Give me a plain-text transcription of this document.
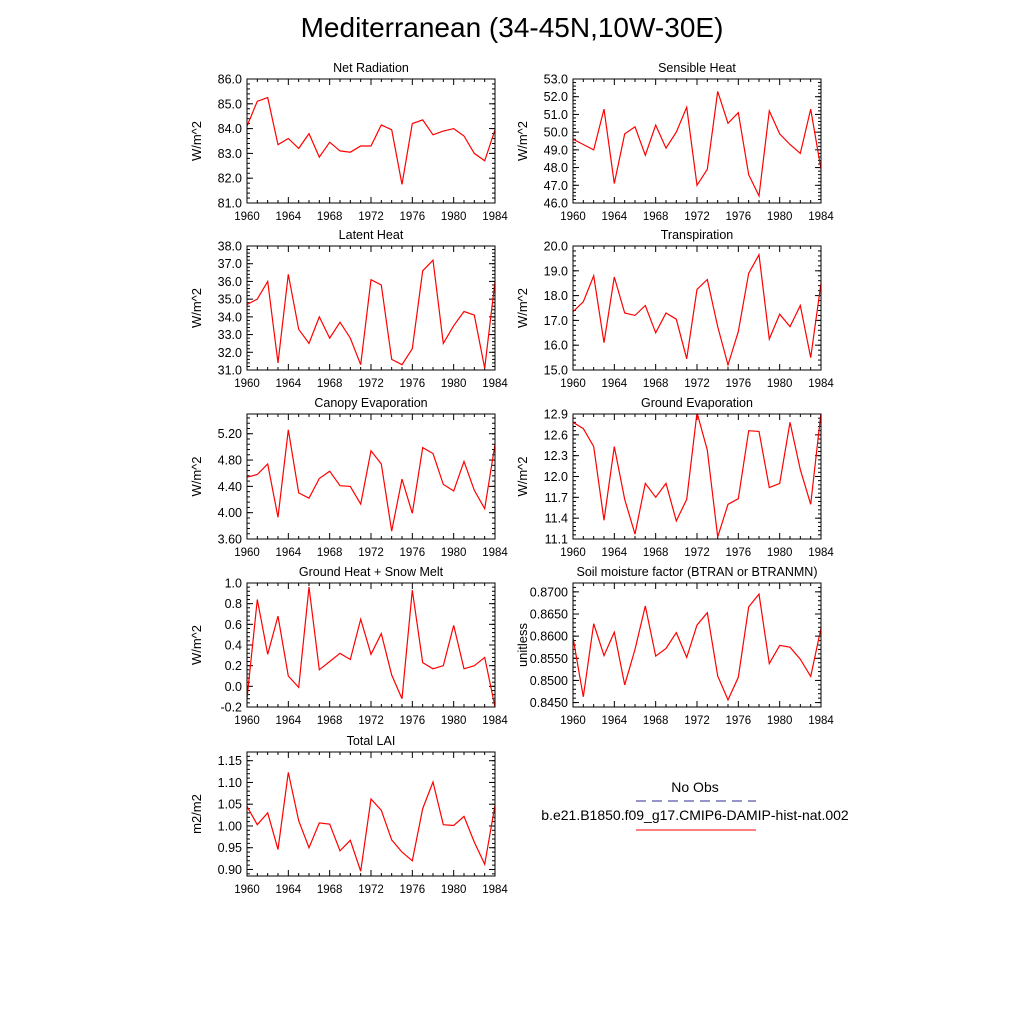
Mediterranean (34-45N,10W-30E)
81.0
82.0
83.0
84.0
85.0
86.0
1960 1964 1968 1972 1976 1980 1984
Net Radiation
W/m^2
46.0
47.0
48.0
49.0
50.0
51.0
52.0
53.0
1960 1964 1968 1972 1976 1980 1984
Sensible Heat
W/m^2
31.0
32.0
33.0
34.0
35.0
36.0
37.0
38.0
1960 1964 1968 1972 1976 1980 1984
Latent Heat
W/m^2
15.0
16.0
17.0
18.0
19.0
20.0
1960 1964 1968 1972 1976 1980 1984
Transpiration
W/m^2
3.60
4.00
4.40
4.80
5.20
1960 1964 1968 1972 1976 1980 1984
Canopy Evaporation
W/m^2
11.1
11.4
11.7
12.0
12.3
12.6
12.9
1960 1964 1968 1972 1976 1980 1984
Ground Evaporation
W/m^2
-0.2
0.0
0.2
0.4
0.6
0.8
1.0
1960 1964 1968 1972 1976 1980 1984
Ground Heat + Snow Melt
W/m^2
0.8450
0.8500
0.8550
0.8600
0.8650
0.8700
1960 1964 1968 1972 1976 1980 1984
Soil moisture factor (BTRAN or BTRANMN)
unitless
0.90
0.95
1.00
1.05
1.10
1.15
1960 1964 1968 1972 1976 1980 1984
Total LAI
m2/m2
No Obs
b.e21.B1850.f09_g17.CMIP6-DAMIP-hist-nat.002
